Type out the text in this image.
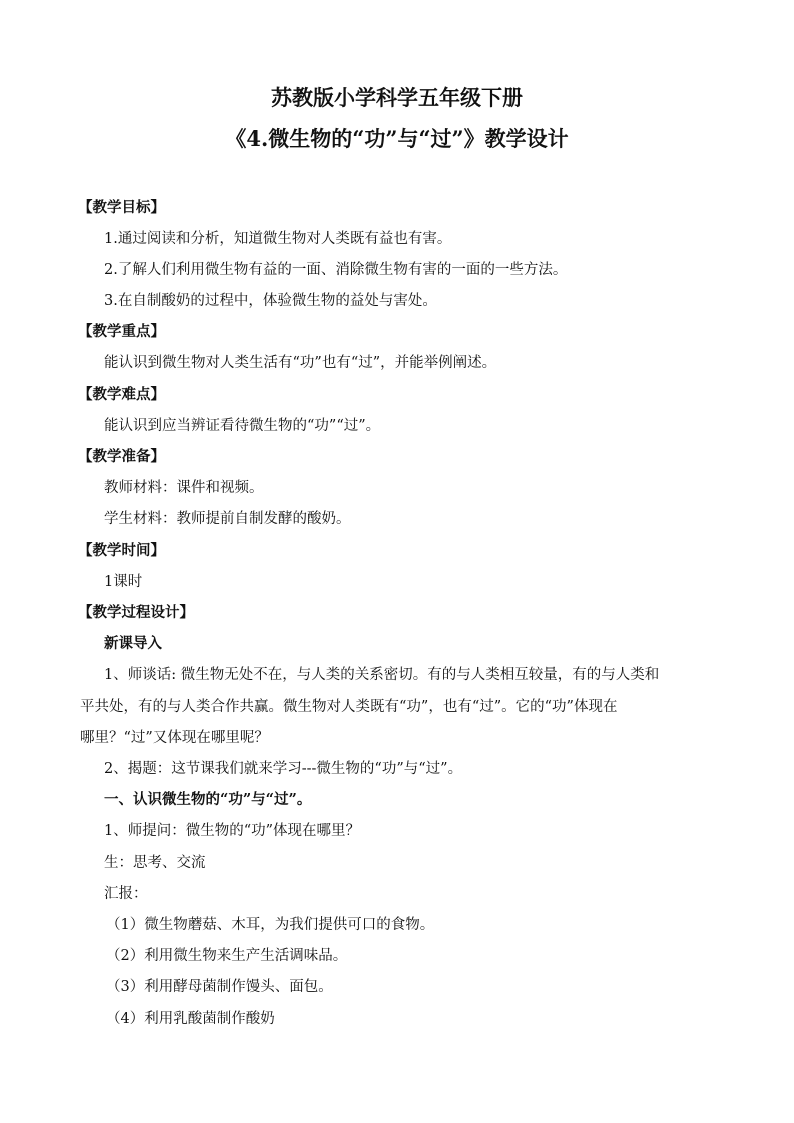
苏教版小学科学五年级下册
《4.微生物的“功”与“过”》教学设计
【教学目标】
1.通过阅读和分析，知道微生物对人类既有益也有害。
2.了解人们利用微生物有益的一面、消除微生物有害的一面的一些方法。
3.在自制酸奶的过程中，体验微生物的益处与害处。
【教学重点】
能认识到微生物对人类生活有“功”也有“过”，并能举例阐述。
【教学难点】
能认识到应当辨证看待微生物的“功”“过”。
【教学准备】
教师材料：课件和视频。
学生材料：教师提前自制发酵的酸奶。
【教学时间】
1课时
【教学过程设计】
新课导入
1、师谈话: 微生物无处不在，与人类的关系密切。有的与人类相互较量，有的与人类和
平共处，有的与人类合作共赢。微生物对人类既有“功”，也有“过”。它的“功”体现在
哪里？“过”又体现在哪里呢？
2、揭题：这节课我们就来学习---微生物的“功”与“过”。
一、认识微生物的“功”与“过”。
1、师提问：微生物的“功”体现在哪里？
生：思考、交流
汇报：
（1）微生物蘑菇、木耳，为我们提供可口的食物。
（2）利用微生物来生产生活调味品。
（3）利用酵母菌制作馒头、面包。
（4）利用乳酸菌制作酸奶
